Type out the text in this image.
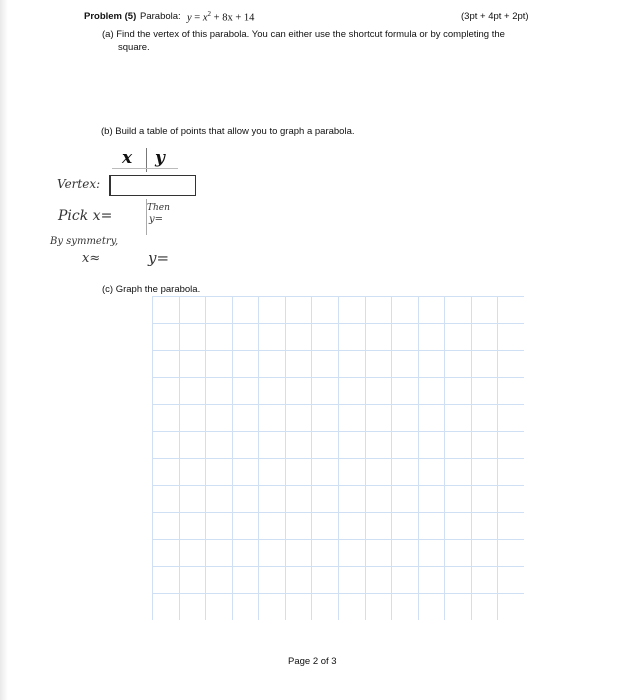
Problem (5) Parabola: $y = x^2 + 8x + 14$	(3pt + 4pt + 2pt)
(a) Find the vertex of this parabola. You can either use the shortcut formula or by completing the
square.
(b) Build a table of points that allow you to graph a parabola.
x y
Vertex:
Pick x=	Then
y=
By symmetry,
x≈	y=
(c) Graph the parabola.
Page 2 of 3
